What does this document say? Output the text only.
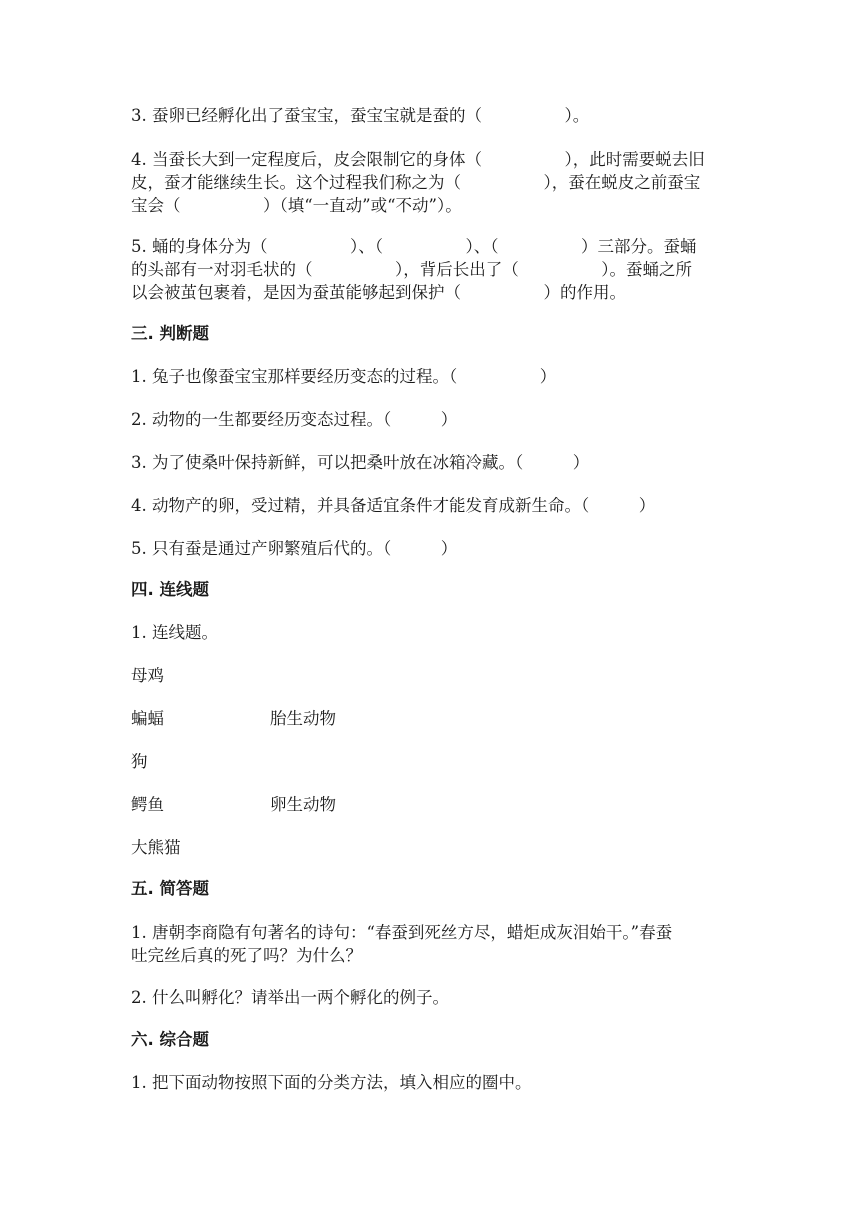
3. 蚕卵已经孵化出了蚕宝宝，蚕宝宝就是蚕的（　　　　　）。
4. 当蚕长大到一定程度后，皮会限制它的身体（　　　　　），此时需要蜕去旧
皮，蚕才能继续生长。这个过程我们称之为（　　　　　），蚕在蜕皮之前蚕宝
宝会（　　　　　）（填“一直动”或“不动”）。
5. 蛹的身体分为（　　　　　）、（　　　　　）、（　　　　　）三部分。蚕蛹
的头部有一对羽毛状的（　　　　　），背后长出了（　　　　　）。蚕蛹之所
以会被茧包裹着，是因为蚕茧能够起到保护（　　　　　）的作用。
三. 判断题
1. 兔子也像蚕宝宝那样要经历变态的过程。（　　　　　）
2. 动物的一生都要经历变态过程。（　　　）
3. 为了使桑叶保持新鲜，可以把桑叶放在冰箱冷藏。（　　　）
4. 动物产的卵，受过精，并具备适宜条件才能发育成新生命。（　　　）
5. 只有蚕是通过产卵繁殖后代的。（　　　）
四. 连线题
1. 连线题。
母鸡
蝙蝠	胎生动物
狗
鳄鱼	卵生动物
大熊猫
五. 简答题
1. 唐朝李商隐有句著名的诗句：“春蚕到死丝方尽，蜡炬成灰泪始干。”春蚕
吐完丝后真的死了吗？为什么？
2. 什么叫孵化？请举出一两个孵化的例子。
六. 综合题
1. 把下面动物按照下面的分类方法，填入相应的圈中。
